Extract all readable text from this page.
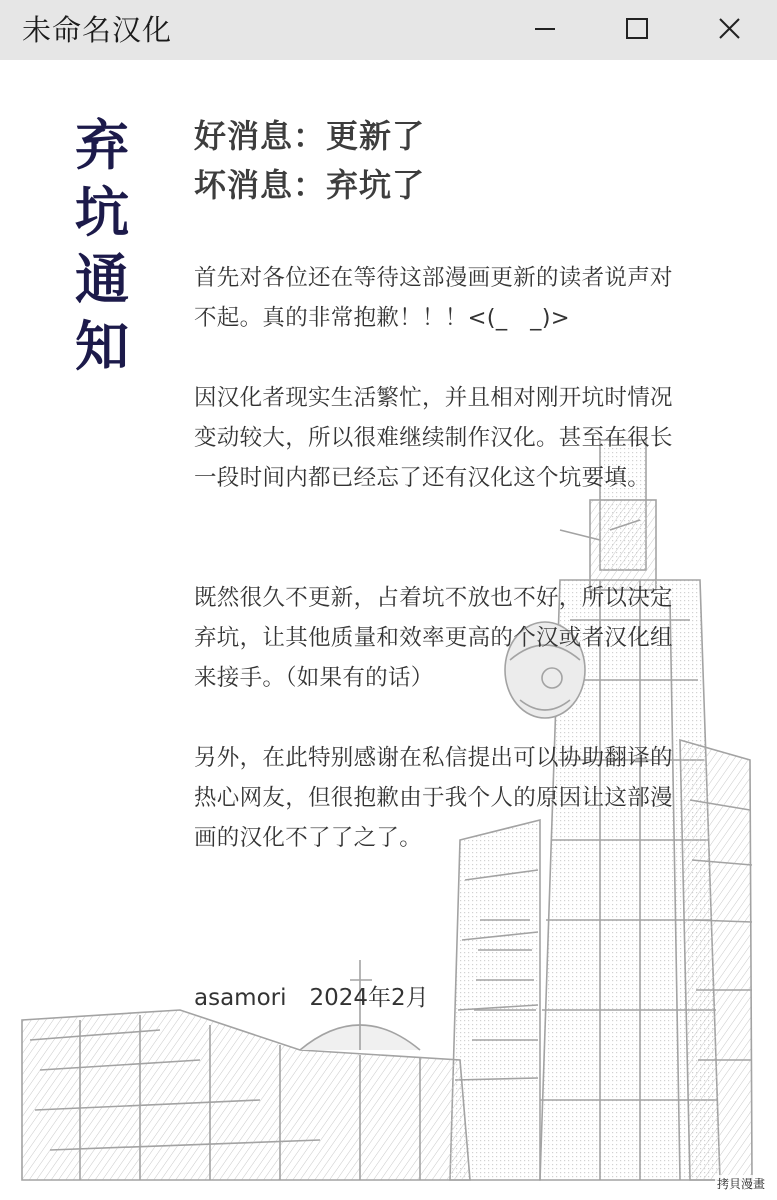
未命名汉化
弃
坑
通
知
好消息：更新了
坏消息：弃坑了
首先对各位还在等待这部漫画更新的读者说声对不起。真的非常抱歉！！！<(_　_)>
因汉化者现实生活繁忙，并且相对刚开坑时情况变动较大，所以很难继续制作汉化。甚至在很长一段时间内都已经忘了还有汉化这个坑要填。
既然很久不更新，占着坑不放也不好，所以决定弃坑，让其他质量和效率更高的个汉或者汉化组来接手。（如果有的话）
另外，在此特别感谢在私信提出可以协助翻译的热心网友，但很抱歉由于我个人的原因让这部漫画的汉化不了了之了。
asamori　2024年2月
拷貝漫畫
